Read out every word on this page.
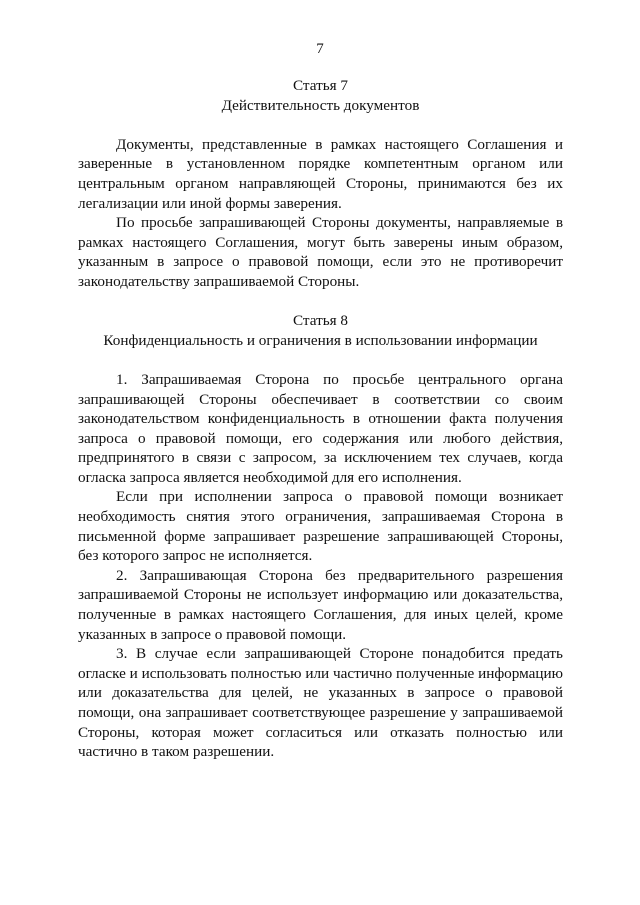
7

Статья 7

Действительность документов

Документы, представленные в рамках настоящего Соглашения и заверенные в установленном порядке компетентным органом или центральным органом направляющей Стороны, принимаются без их легализации или иной формы заверения.

По просьбе запрашивающей Стороны документы, направляемые в рамках настоящего Соглашения, могут быть заверены иным образом, указанным в запросе о правовой помощи, если это не противоречит законодательству запрашиваемой Стороны.

Статья 8

Конфиденциальность и ограничения в использовании информации

1. Запрашиваемая Сторона по просьбе центрального органа запрашивающей Стороны обеспечивает в соответствии со своим законодательством конфиденциальность в отношении факта получения запроса о правовой помощи, его содержания или любого действия, предпринятого в связи с запросом, за исключением тех случаев, когда огласка запроса является необходимой для его исполнения.

Если при исполнении запроса о правовой помощи возникает необходимость снятия этого ограничения, запрашиваемая Сторона в письменной форме запрашивает разрешение запрашивающей Стороны, без которого запрос не исполняется.

2. Запрашивающая Сторона без предварительного разрешения запрашиваемой Стороны не использует информацию или доказательства, полученные в рамках настоящего Соглашения, для иных целей, кроме указанных в запросе о правовой помощи.

3. В случае если запрашивающей Стороне понадобится предать огласке и использовать полностью или частично полученные информацию или доказательства для целей, не указанных в запросе о правовой помощи, она запрашивает соответствующее разрешение у запрашиваемой Стороны, которая может согласиться или отказать полностью или частично в таком разрешении.
